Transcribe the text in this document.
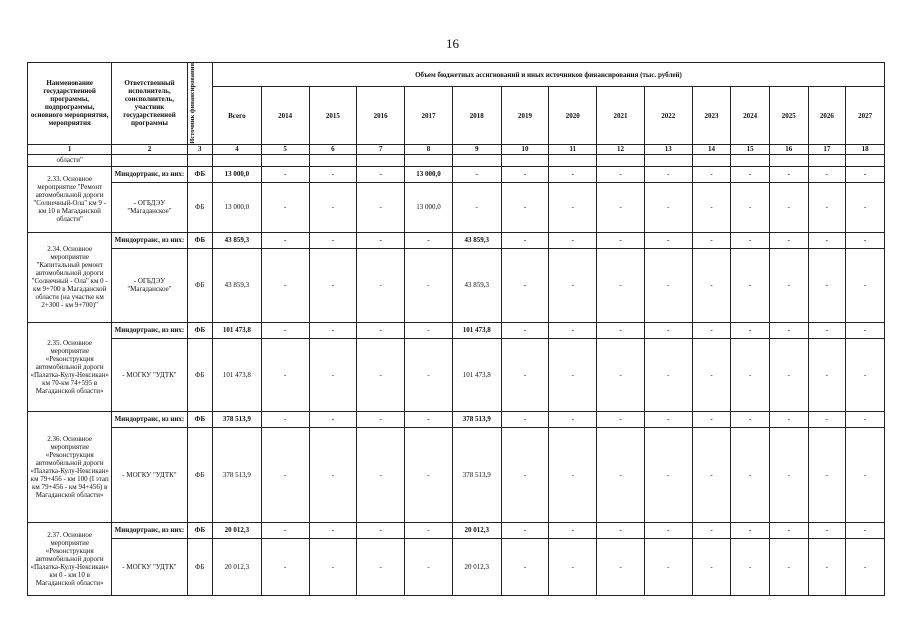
16
Наименование государственной программы, подпрограммы, основного мероприятия, мероприятия	Ответственный исполнитель, соисполнитель, участник государственной программы	Источник финансирования	Объем бюджетных ассигнований и иных источников финансирования (тыс. рублей)														
			Всего	2014	2015	2016	2017	2018	2019	2020	2021	2022	2023	2024	2025	2026	2027
1	2	3	4	5	6	7	8	9	10	11	12	13	14	15	16	17	18
области"																	
2.33. Основное мероприятие "Ремонт автомобильной дороги "Солнечный-Ола" км 9 - км 10 в Магаданской области"	Миндортранс, из них:	ФБ	13 000,0	-	-	-	13 000,0	-	-	-	-	-	-	-	-	-	-
	- ОГБДЭУ "Магаданское"	ФБ	13 000,0	-	-	-	13 000,0	-	-	-	-	-	-	-	-	-	-
2.34. Основное мероприятие "Капитальный ремонт автомобильной дороги "Солнечный - Ола" км 0 - км 9+700 в Магаданской области (на участке км 2+300 - км 9+700)"	Миндортранс, из них:	ФБ	43 859,3	-	-	-	-	43 859,3	-	-	-	-	-	-	-	-	-
	- ОГБДЭУ "Магаданское"	ФБ	43 859,3	-	-	-	-	43 859,3	-	-	-	-	-	-	-	-	-
2.35. Основное мероприятие «Реконструкция автомобильной дороги «Палатка-Кулу-Нексикан» км 70-км 74+595 в Магаданской области»	Миндортранс, из них:	ФБ	101 473,8	-	-	-	-	101 473,8	-	-	-	-	-	-	-	-	-
	- МОГКУ "УДТК"	ФБ	101 473,8	-	-	-	-	101 473,8	-	-	-	-	-	-	-	-	-
2.36. Основное мероприятие «Реконструкция автомобильной дороги «Палатка-Кулу-Нексикан» км 79+456 - км 100 (I этап км 79+456 - км 94+456) в Магаданской области»	Миндортранс, из них:	ФБ	378 513,9	-	-	-	-	378 513,9	-	-	-	-	-	-	-	-	-
	- МОГКУ "УДТК"	ФБ	378 513,9	-	-	-	-	378 513,9	-	-	-	-	-	-	-	-	-
2.37. Основное мероприятие «Реконструкция автомобильной дороги «Палатка-Кулу-Нексикан» км 0 - км 10 в Магаданской области»	Миндортранс, из них:	ФБ	20 012,3	-	-	-	-	20 012,3	-	-	-	-	-	-	-	-	-
	- МОГКУ "УДТК"	ФБ	20 012,3	-	-	-	-	20 012,3	-	-	-	-	-	-	-	-	-
